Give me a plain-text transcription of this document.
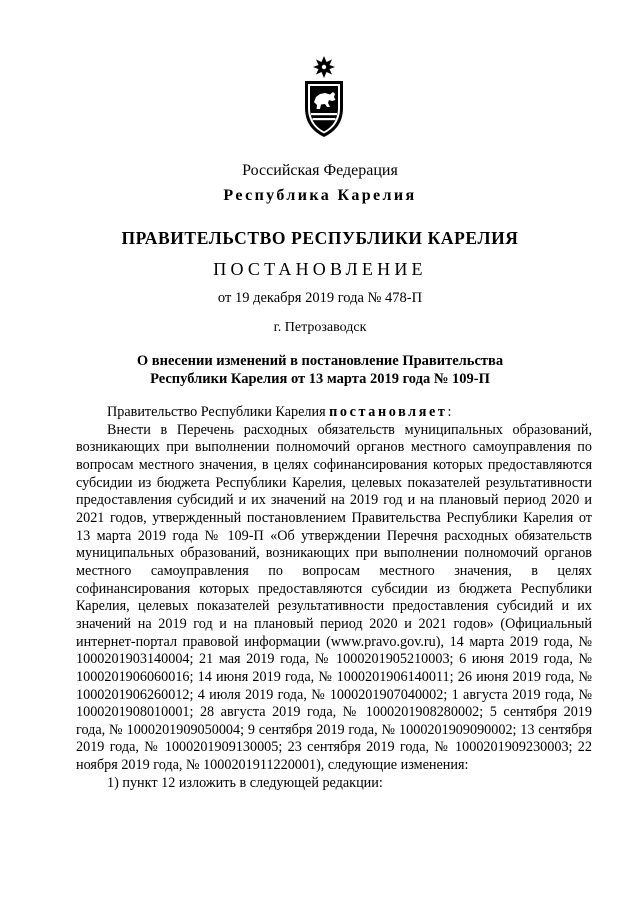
Российская Федерация
Республика Карелия
ПРАВИТЕЛЬСТВО РЕСПУБЛИКИ КАРЕЛИЯ
ПОСТАНОВЛЕНИЕ
от 19 декабря 2019 года № 478-П
г. Петрозаводск
О внесении изменений в постановление Правительства
Республики Карелия от 13 марта 2019 года № 109-П

Правительство Республики Карелия постановляет:

Внести в Перечень расходных обязательств муниципальных образований, возникающих при выполнении полномочий органов местного самоуправления по вопросам местного значения, в целях софинансирования которых предоставляются субсидии из бюджета Республики Карелия, целевых показателей результативности предоставления субсидий и их значений на 2019 год и на плановый период 2020 и 2021 годов, утвержденный постановлением Правительства Республики Карелия от 13 марта 2019 года № 109-П «Об утверждении Перечня расходных обязательств муниципальных образований, возникающих при выполнении полномочий органов местного самоуправления по вопросам местного значения, в целях софинансирования которых предоставляются субсидии из бюджета Республики Карелия, целевых показателей результативности предоставления субсидий и их значений на 2019 год и на плановый период 2020 и 2021 годов» (Официальный интернет-портал правовой информации (www.pravo.gov.ru), 14 марта 2019 года, № 1000201903140004; 21 мая 2019 года, № 1000201905210003; 6 июня 2019 года, № 1000201906060016; 14 июня 2019 года, № 1000201906140011; 26 июня 2019 года, № 1000201906260012; 4 июля 2019 года, № 1000201907040002; 1 августа 2019 года, № 1000201908010001; 28 августа 2019 года, № 1000201908280002; 5 сентября 2019 года, № 1000201909050004; 9 сентября 2019 года, № 1000201909090002; 13 сентября 2019 года, № 1000201909130005; 23 сентября 2019 года, № 1000201909230003; 22 ноября 2019 года, № 1000201911220001), следующие изменения:

1) пункт 12 изложить в следующей редакции:
